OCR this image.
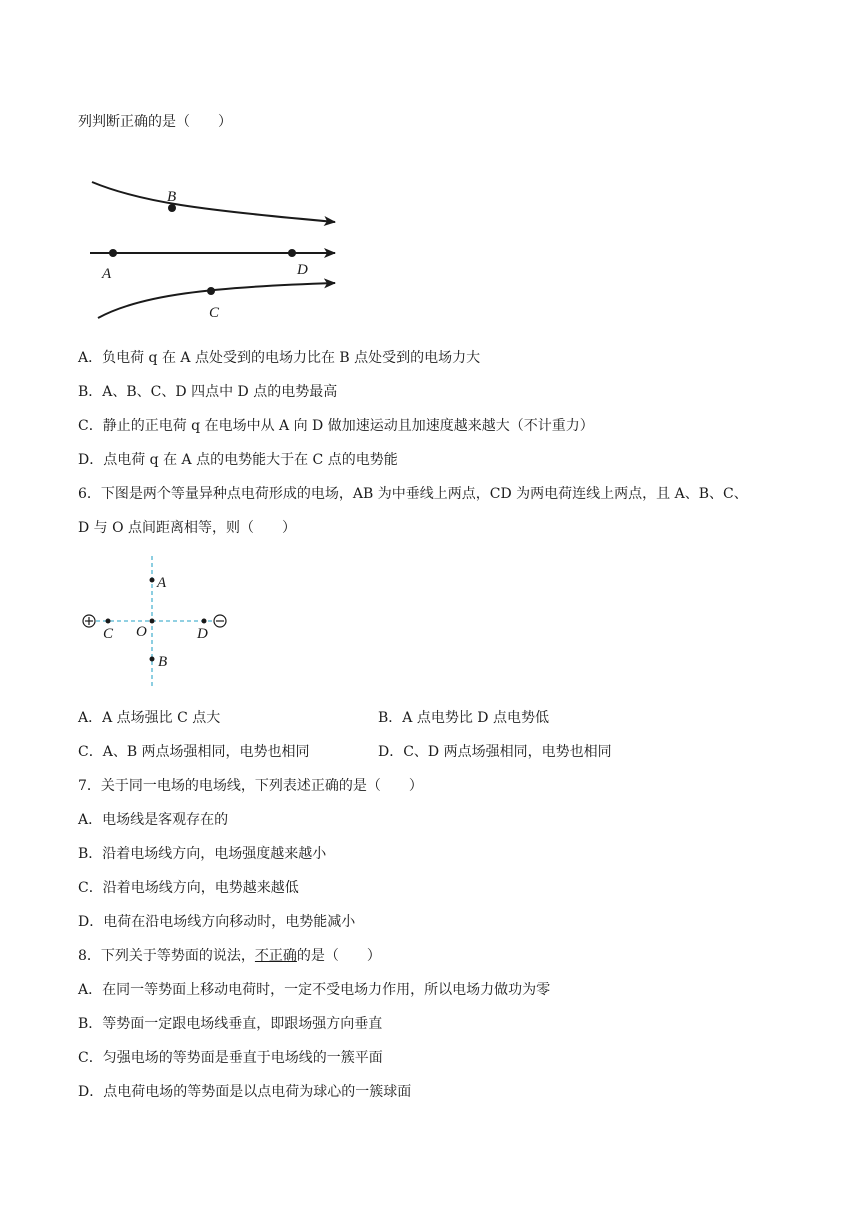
列判断正确的是（　　）
B
A	D
C
A．负电荷 q 在 A 点处受到的电场力比在 B 点处受到的电场力大
B．A、B、C、D 四点中 D 点的电势最高
C．静止的正电荷 q 在电场中从 A 向 D 做加速运动且加速度越来越大（不计重力）
D．点电荷 q 在 A 点的电势能大于在 C 点的电势能
6．下图是两个等量异种点电荷形成的电场，AB 为中垂线上两点，CD 为两电荷连线上两点，且 A、B、C、
D 与 O 点间距离相等，则（　　）
A
O
B
C	D
A．A 点场强比 C 点大	B．A 点电势比 D 点电势低
C．A、B 两点场强相同，电势也相同	D．C、D 两点场强相同，电势也相同
7．关于同一电场的电场线，下列表述正确的是（　　）
A．电场线是客观存在的
B．沿着电场线方向，电场强度越来越小
C．沿着电场线方向，电势越来越低
D．电荷在沿电场线方向移动时，电势能减小
8．下列关于等势面的说法，不正确的是（　　）
A．在同一等势面上移动电荷时，一定不受电场力作用，所以电场力做功为零
B．等势面一定跟电场线垂直，即跟场强方向垂直
C．匀强电场的等势面是垂直于电场线的一簇平面
D．点电荷电场的等势面是以点电荷为球心的一簇球面
